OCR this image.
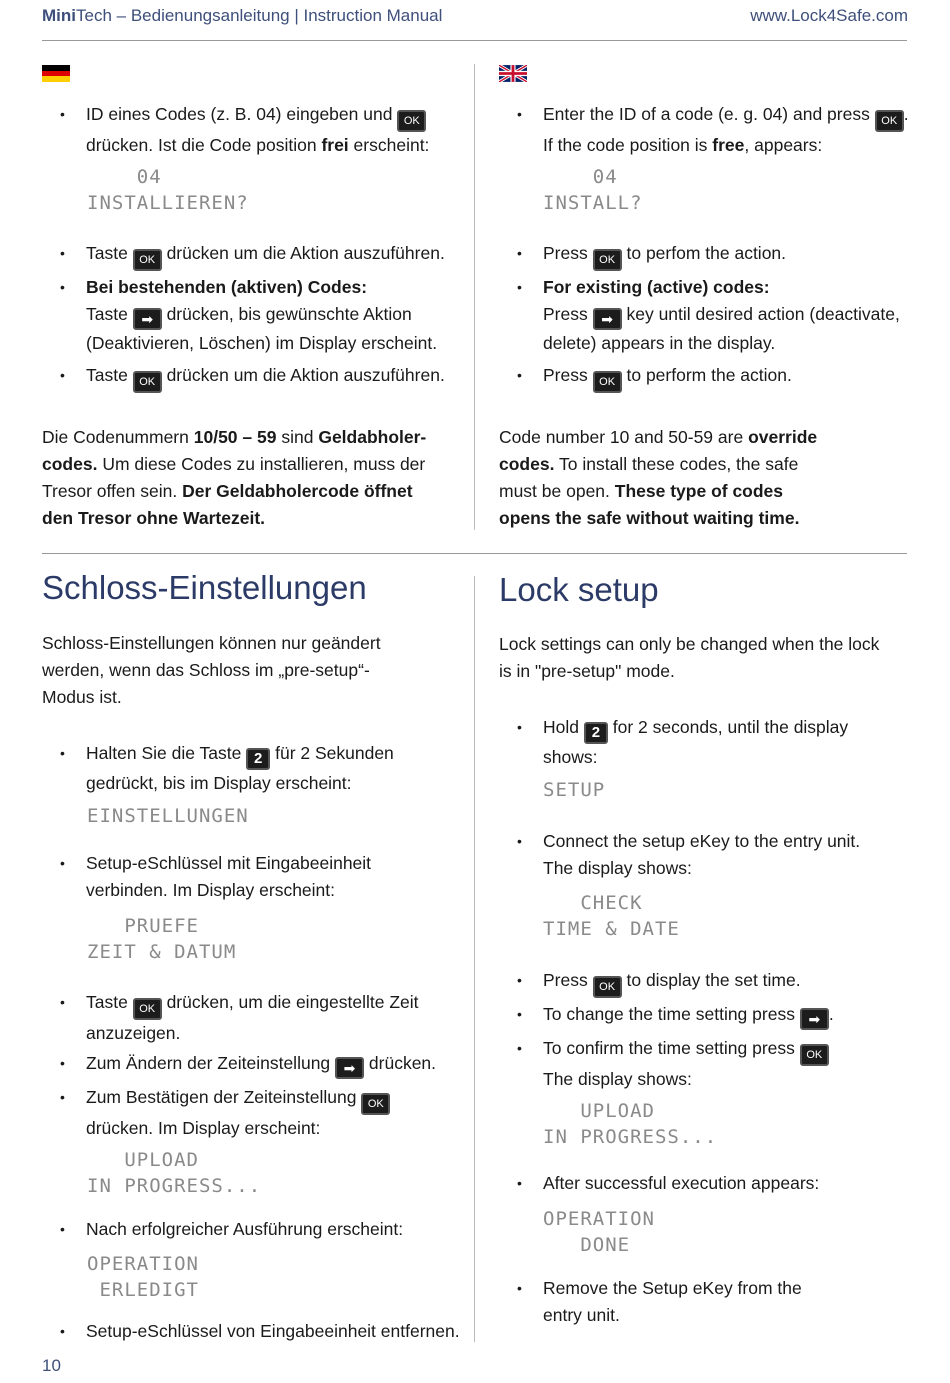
MiniTech – Bedienungsanleitung | Instruction Manual	www.Lock4Safe.com
• ID eines Codes (z. B. 04) eingeben und OK
drücken. Ist die Code position frei erscheint:
04
INSTALLIEREN?
• Taste OK drücken um die Aktion auszuführen.
• Bei bestehenden (aktiven) Codes:
Taste ➡ drücken, bis gewünschte Aktion
(Deaktivieren, Löschen) im Display erscheint.
• Taste OK drücken um die Aktion auszuführen.
Die Codenummern 10/50 – 59 sind Geldabholer-
codes. Um diese Codes zu installieren, muss der
Tresor offen sein. Der Geldabholercode öffnet
den Tresor ohne Wartezeit.
• Enter the ID of a code (e. g. 04) and press OK .
If the code position is free, appears:
04
INSTALL?
• Press OK to perfom the action.
• For existing (active) codes:
Press ➡ key until desired action (deactivate,
delete) appears in the display.
• Press OK to perform the action.
Code number 10 and 50-59 are override
codes. To install these codes, the safe
must be open. These type of codes
opens the safe without waiting time.
Schloss-Einstellungen
Schloss-Einstellungen können nur geändert
werden, wenn das Schloss im „pre-setup“-
Modus ist.
• Halten Sie die Taste 2 für 2 Sekunden
gedrückt, bis im Display erscheint:
EINSTELLUNGEN
• Setup-eSchlüssel mit Eingabeeinheit
verbinden. Im Display erscheint:
PRUEFE
ZEIT & DATUM
• Taste OK drücken, um die eingestellte Zeit
anzuzeigen.
• Zum Ändern der Zeiteinstellung ➡ drücken.
• Zum Bestätigen der Zeiteinstellung OK
drücken. Im Display erscheint:
UPLOAD
IN PROGRESS...
• Nach erfolgreicher Ausführung erscheint:
OPERATION
ERLEDIGT
• Setup-eSchlüssel von Eingabeeinheit entfernen.
Lock setup
Lock settings can only be changed when the lock
is in "pre-setup" mode.
• Hold 2 for 2 seconds, until the display
shows:
SETUP
• Connect the setup eKey to the entry unit.
The display shows:
CHECK
TIME & DATE
• Press OK to display the set time.
• To change the time setting press ➡ .
• To confirm the time setting press OK
The display shows:
UPLOAD
IN PROGRESS...
• After successful execution appears:
OPERATION
DONE
• Remove the Setup eKey from the
entry unit.
10
